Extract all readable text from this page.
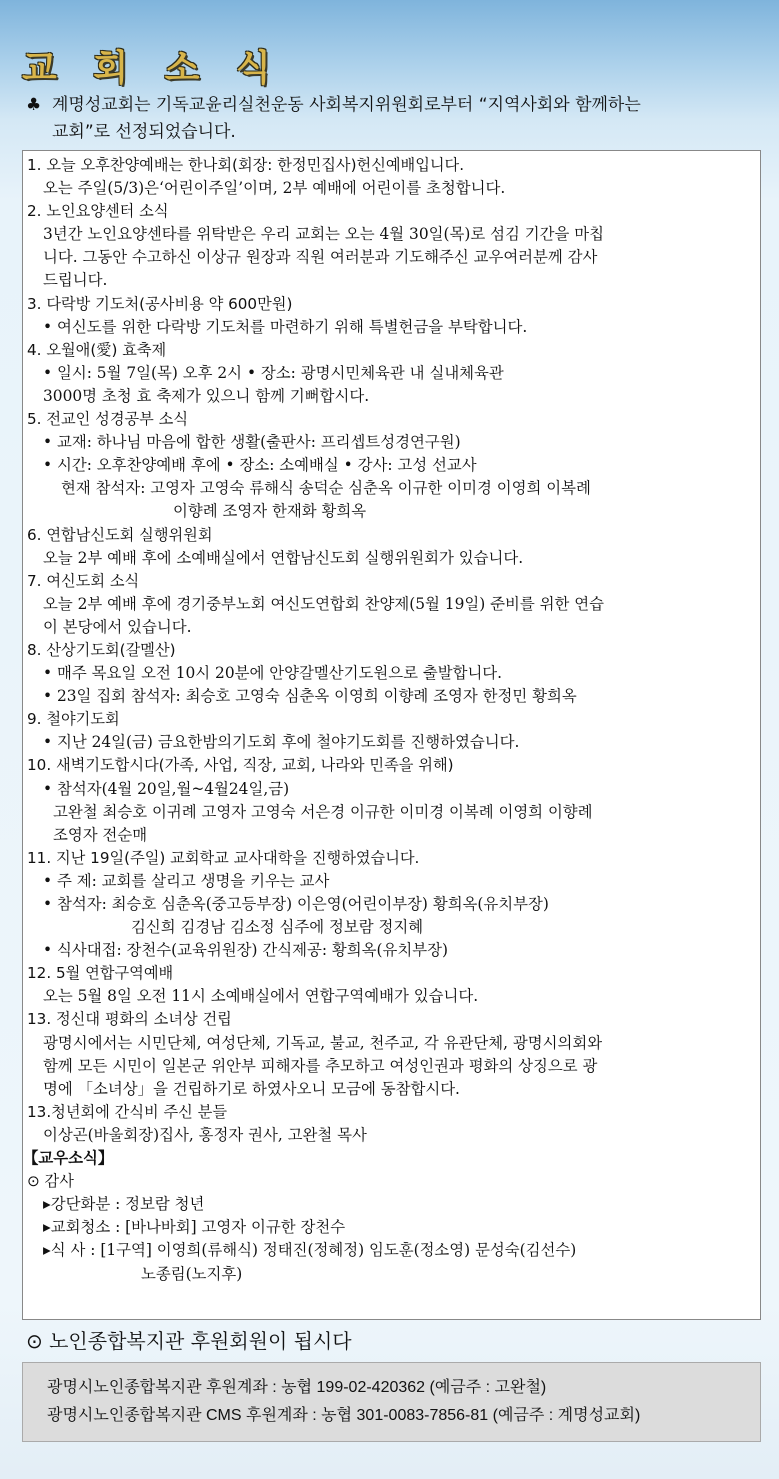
교 회 소 식
♣ 계명성교회는 기독교윤리실천운동 사회복지위원회로부터 “지역사회와 함께하는
교회”로 선정되었습니다.
1. 오늘 오후찬양예배는 한나회(회장: 한정민집사)헌신예배입니다.
오는 주일(5/3)은‘어린이주일’이며, 2부 예배에 어린이를 초청합니다.
2. 노인요양센터 소식
3년간 노인요양센타를 위탁받은 우리 교회는 오는 4월 30일(목)로 섬김 기간을 마칩
니다. 그동안 수고하신 이상규 원장과 직원 여러분과 기도해주신 교우여러분께 감사
드립니다.
3. 다락방 기도처(공사비용 약 600만원)
• 여신도를 위한 다락방 기도처를 마련하기 위해 특별헌금을 부탁합니다.
4. 오월애(愛) 효축제
• 일시: 5월 7일(목) 오후 2시 • 장소: 광명시민체육관 내 실내체육관
3000명 초청 효 축제가 있으니 함께 기뻐합시다.
5. 전교인 성경공부 소식
• 교재: 하나님 마음에 합한 생활(출판사: 프리셉트성경연구원)
• 시간: 오후찬양예배 후에 • 장소: 소예배실 • 강사: 고성 선교사
현재 참석자: 고영자 고영숙 류해식 송덕순 심춘옥 이규한 이미경 이영희 이복례
이향례 조영자 한재화 황희옥
6. 연합남신도회 실행위원회
오늘 2부 예배 후에 소예배실에서 연합남신도회 실행위원회가 있습니다.
7. 여신도회 소식
오늘 2부 예배 후에 경기중부노회 여신도연합회 찬양제(5월 19일) 준비를 위한 연습
이 본당에서 있습니다.
8. 산상기도회(갈멜산)
• 매주 목요일 오전 10시 20분에 안양갈멜산기도원으로 출발합니다.
• 23일 집회 참석자: 최승호 고영숙 심춘옥 이영희 이향례 조영자 한정민 황희옥
9. 철야기도회
• 지난 24일(금) 금요한밤의기도회 후에 철야기도회를 진행하였습니다.
10. 새벽기도합시다(가족, 사업, 직장, 교회, 나라와 민족을 위해)
• 참석자(4월 20일,월~4월24일,금)
고완철 최승호 이귀례 고영자 고영숙 서은경 이규한 이미경 이복례 이영희 이향례
조영자 전순매
11. 지난 19일(주일) 교회학교 교사대학을 진행하였습니다.
• 주 제: 교회를 살리고 생명을 키우는 교사
• 참석자: 최승호 심춘옥(중고등부장) 이은영(어린이부장) 황희옥(유치부장)
김신희 김경남 김소정 심주에 정보람 정지혜
• 식사대접: 장천수(교육위원장) 간식제공: 황희옥(유치부장)
12. 5월 연합구역예배
오는 5월 8일 오전 11시 소예배실에서 연합구역예배가 있습니다.
13. 정신대 평화의 소녀상 건립
광명시에서는 시민단체, 여성단체, 기독교, 불교, 천주교, 각 유관단체, 광명시의회와
함께 모든 시민이 일본군 위안부 피해자를 추모하고 여성인권과 평화의 상징으로 광
명에 「소녀상」을 건립하기로 하였사오니 모금에 동참합시다.
13.청년회에 간식비 주신 분들
이상곤(바울회장)집사, 홍정자 권사, 고완철 목사
【교우소식】
⊙ 감사
▸강단화분 : 정보람 청년
▸교회청소 : [바나바회] 고영자 이규한 장천수
▸식 사 : [1구역] 이영희(류해식) 정태진(정혜정) 임도훈(정소영) 문성숙(김선수)
노종림(노지후)
⊙ 노인종합복지관 후원회원이 됩시다
광명시노인종합복지관 후원계좌 : 농협 199-02-420362 (예금주 : 고완철)
광명시노인종합복지관 CMS 후원계좌 : 농협 301-0083-7856-81 (예금주 : 계명성교회)
